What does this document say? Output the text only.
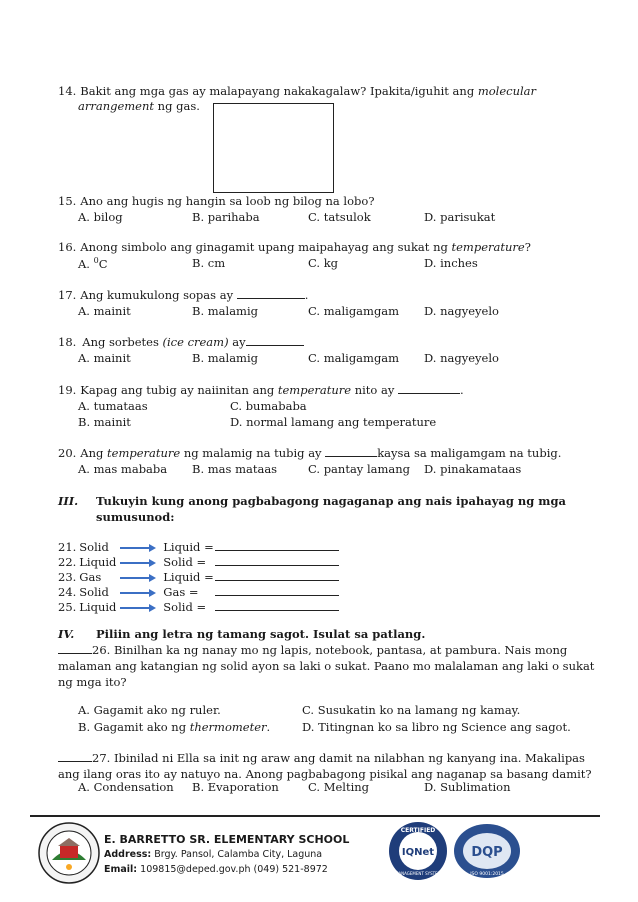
14. Bakit ang mga gas ay malapayang nakakagalaw? Ipakita/iguhit ang molecular
arrangement ng gas.
15. Ano ang hugis ng hangin sa loob ng bilog na lobo?
A. bilog	B. parihaba	C. tatsulok	D. parisukat
16. Anong simbolo ang ginagamit upang maipahayag ang sukat ng temperature?
A. $^0$C	B. cm	C. kg	D. inches
17. Ang kumukulong sopas ay	.
A. mainit	B. malamig	C. maligamgam D. nagyeyelo
18. Ang sorbetes (ice cream) ay
A. mainit	B. malamig	C. maligamgam D. nagyeyelo
19. Kapag ang tubig ay naiinitan ang temperature nito ay	.
A. tumataas	C. bumababa
B. mainit	D. normal lamang ang temperature
20. Ang temperature ng malamig na tubig ay	kaysa sa maligamgam na tubig.
A. mas mababa B. mas mataas	C. pantay lamang D. pinakamataas
III. Tukuyin kung anong pagbabagong nagaganap ang nais ipahayag ng mga
sumusunod:
21. Solid	Liquid =
22. Liquid	Solid =
23. Gas	Liquid =
24. Solid	Gas =
25. Liquid	Solid =
IV. Piliin ang letra ng tamang sagot. Isulat sa patlang.
26. Binilhan ka ng nanay mo ng lapis, notebook, pantasa, at pambura. Nais mong
malaman ang katangian ng solid ayon sa laki o sukat. Paano mo malalaman ang laki o sukat
ng mga ito?
A. Gagamit ako ng ruler.	C. Susukatin ko na lamang ng kamay.
B. Gagamit ako ng thermometer.	D. Titingnan ko sa libro ng Science ang sagot.
27. Ibinilad ni Ella sa init ng araw ang damit na nilabhan ng kanyang ina. Makalipas
ang ilang oras ito ay natuyo na. Anong pagbabagong pisikal ang naganap sa basang damit?
A. Condensation B. Evaporation	C. Melting	D. Sublimation
E. BARRETTO SR. ELEMENTARY SCHOOL
Address: Brgy. Pansol, Calamba City, Laguna
Email: 109815@deped.gov.ph (049) 521-8972
CERTIFIED
IQNet
MANAGEMENT SYSTEM
DQP
ISO 9001:2015
